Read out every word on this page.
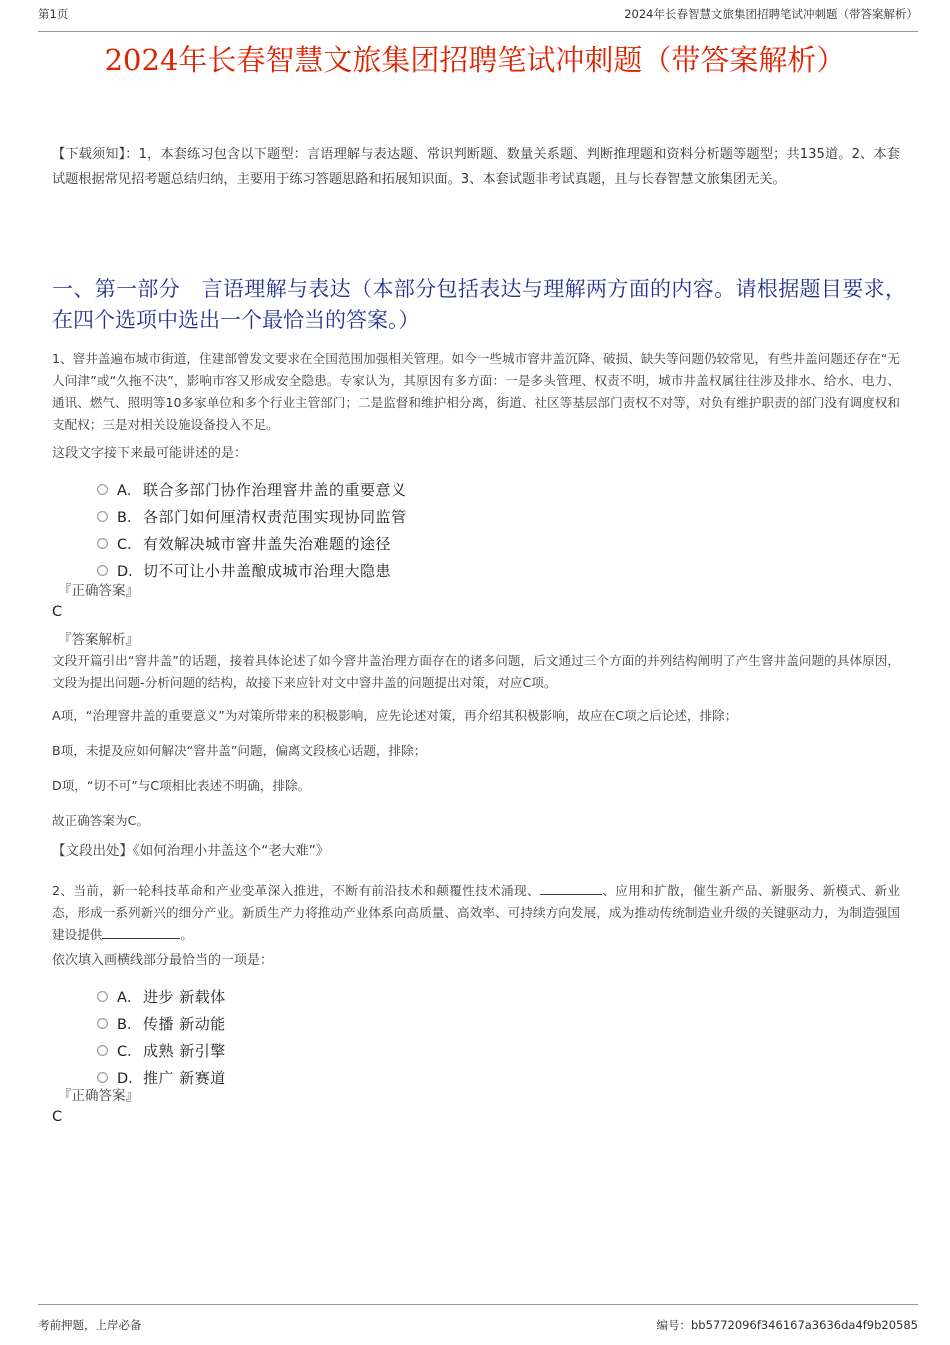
第1页	2024年长春智慧文旅集团招聘笔试冲刺题（带答案解析）
2024年长春智慧文旅集团招聘笔试冲刺题（带答案解析）

【下载须知】：1，本套练习包含以下题型：言语理解与表达题、常识判断题、数量关系题、判断推理题和资料分析题等题型；共135道。2、本套试题根据常见招考题总结归纳，主要用于练习答题思路和拓展知识面。3、本套试题非考试真题，且与长春智慧文旅集团无关。

一、第一部分　言语理解与表达（本部分包括表达与理解两方面的内容。请根据题目要求，在四个选项中选出一个最恰当的答案。）

1、窨井盖遍布城市街道，住建部曾发文要求在全国范围加强相关管理。如今一些城市窨井盖沉降、破损、缺失等问题仍较常见，有些井盖问题还存在“无人问津”或“久拖不决”，影响市容又形成安全隐患。专家认为，其原因有多方面：一是多头管理、权责不明，城市井盖权属往往涉及排水、给水、电力、通讯、燃气、照明等10多家单位和多个行业主管部门；二是监督和维护相分离，街道、社区等基层部门责权不对等，对负有维护职责的部门没有调度权和支配权；三是对相关设施设备投入不足。

这段文字接下来最可能讲述的是：

A． 联合多部门协作治理窨井盖的重要意义
B． 各部门如何厘清权责范围实现协同监管
C． 有效解决城市窨井盖失治难题的途径
D． 切不可让小井盖酿成城市治理大隐患

『正确答案』

C

『答案解析』

文段开篇引出“窨井盖”的话题，接着具体论述了如今窨井盖治理方面存在的诸多问题，后文通过三个方面的并列结构阐明了产生窨井盖问题的具体原因，文段为提出问题-分析问题的结构，故接下来应针对文中窨井盖的问题提出对策，对应C项。

A项，“治理窨井盖的重要意义”为对策所带来的积极影响，应先论述对策，再介绍其积极影响，故应在C项之后论述，排除；

B项，未提及应如何解决“窨井盖”问题，偏离文段核心话题，排除；

D项，“切不可”与C项相比表述不明确，排除。

故正确答案为C。

【文段出处】《如何治理小井盖这个“老大难”》

2、当前，新一轮科技革命和产业变革深入推进，不断有前沿技术和颠覆性技术涌现、	、应用和扩散，催生新产品、新服务、新模式、新业态，形成一系列新兴的细分产业。新质生产力将推动产业体系向高质量、高效率、可持续方向发展，成为推动传统制造业升级的关键驱动力，为制造强国建设提供	。

依次填入画横线部分最恰当的一项是：

A． 进步 新载体
B． 传播 新动能
C． 成熟 新引擎
D． 推广 新赛道

『正确答案』

C

考前押题，上岸必备	编号：bb5772096f346167a3636da4f9b20585
